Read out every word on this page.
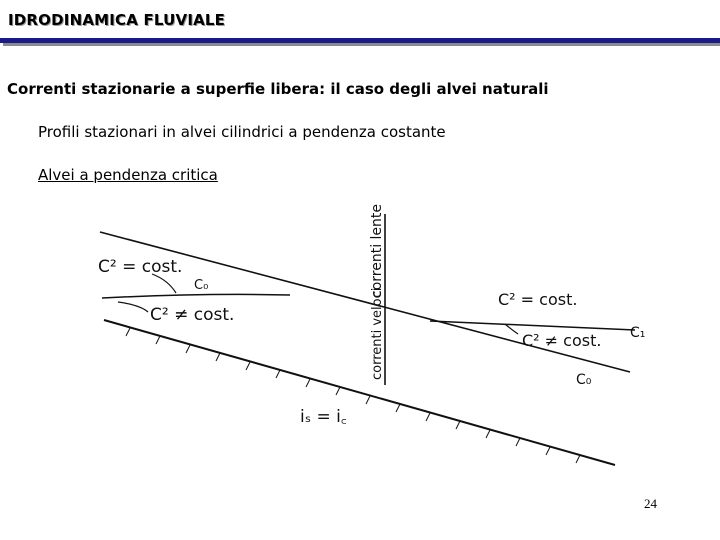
IDRODINAMICA FLUVIALE
Correnti stazionarie a superfie libera: il caso degli alvei naturali
Profili stazionari in alvei cilindrici a pendenza costante
Alvei a pendenza critica
C² = cost.
C₀
C² ≠ cost.
C² = cost.
C² ≠ cost. C₁
C₀
correnti lente
correnti veloci
iₛ = i꜀
24
